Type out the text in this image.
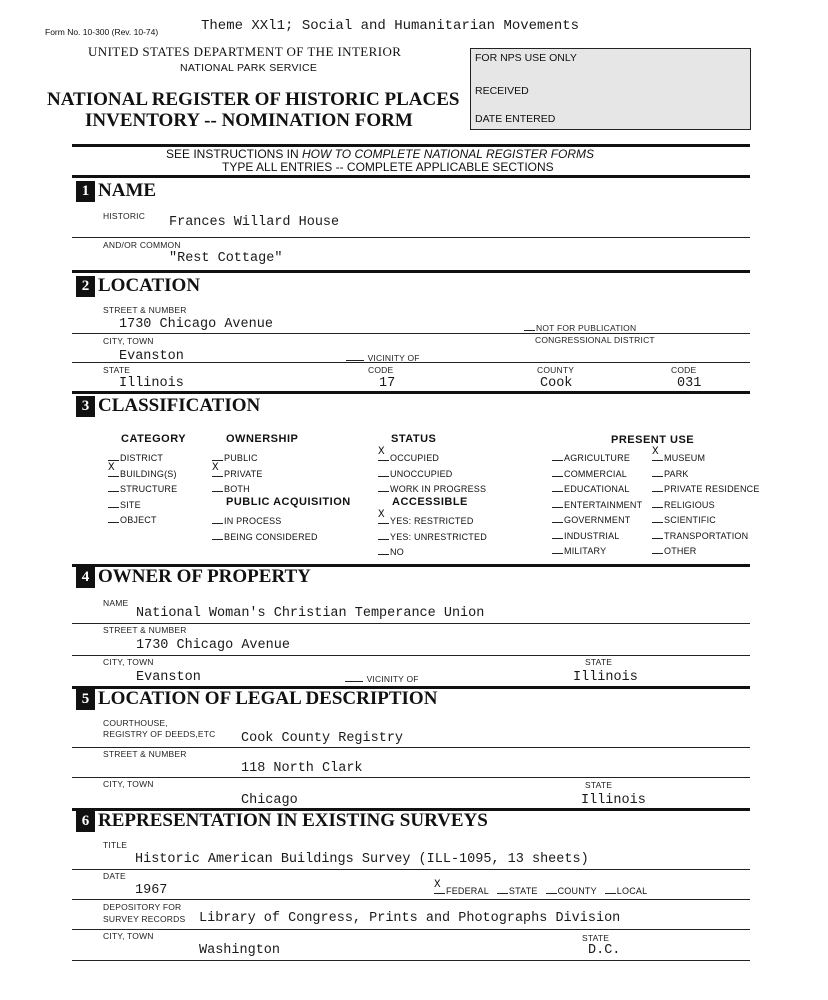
Form No. 10-300 (Rev. 10-74)	Theme XXl1; Social and Humanitarian Movements
UNITED STATES DEPARTMENT OF THE INTERIOR
NATIONAL PARK SERVICE
NATIONAL REGISTER OF HISTORIC PLACES
INVENTORY -- NOMINATION FORM
FOR NPS USE ONLY
RECEIVED
DATE ENTERED
SEE INSTRUCTIONS IN HOW TO COMPLETE NATIONAL REGISTER FORMS
TYPE ALL ENTRIES -- COMPLETE APPLICABLE SECTIONS
1 NAME
HISTORIC Frances Willard House
AND/OR COMMON
"Rest Cottage"
2 LOCATION
STREET & NUMBER
1730 Chicago Avenue	NOT FOR PUBLICATION
CITY, TOWN	CONGRESSIONAL DISTRICT
Evanston	VICINITY OF
STATE	CODE	COUNTY	CODE
Illinois	17	Cook	031
3 CLASSIFICATION
CATEGORY	OWNERSHIP
PUBLIC ACQUISITION
STATUS
ACCESSIBLE
PRESENT USE
DISTRICT
X BUILDING(S)
STRUCTURE
SITE
OBJECT
PUBLIC
X PRIVATE
BOTH
IN PROCESS
BEING CONSIDERED
X OCCUPIED
UNOCCUPIED
WORK IN PROGRESS
X YES: RESTRICTED
YES: UNRESTRICTED
NO
AGRICULTURE
COMMERCIAL
EDUCATIONAL
ENTERTAINMENT
GOVERNMENT
INDUSTRIAL
MILITARY
X MUSEUM
PARK
PRIVATE RESIDENCE
RELIGIOUS
SCIENTIFIC
TRANSPORTATION
OTHER
4 OWNER OF PROPERTY
NAME
National Woman's Christian Temperance Union
STREET & NUMBER
1730 Chicago Avenue
CITY, TOWN	STATE
Evanston	VICINITY OF	Illinois
5 LOCATION OF LEGAL DESCRIPTION
COURTHOUSE,
REGISTRY OF DEEDS,ETC Cook County Registry
STREET & NUMBER
118 North Clark
CITY, TOWN	STATE
Chicago	Illinois
6 REPRESENTATION IN EXISTING SURVEYS
TITLE
Historic American Buildings Survey (ILL-1095, 13 sheets)
DATE
1967	X FEDERAL STATE COUNTY LOCAL
DEPOSITORY FOR
SURVEY RECORDS Library of Congress, Prints and Photographs Division
CITY, TOWN	STATE
Washington	D.C.
